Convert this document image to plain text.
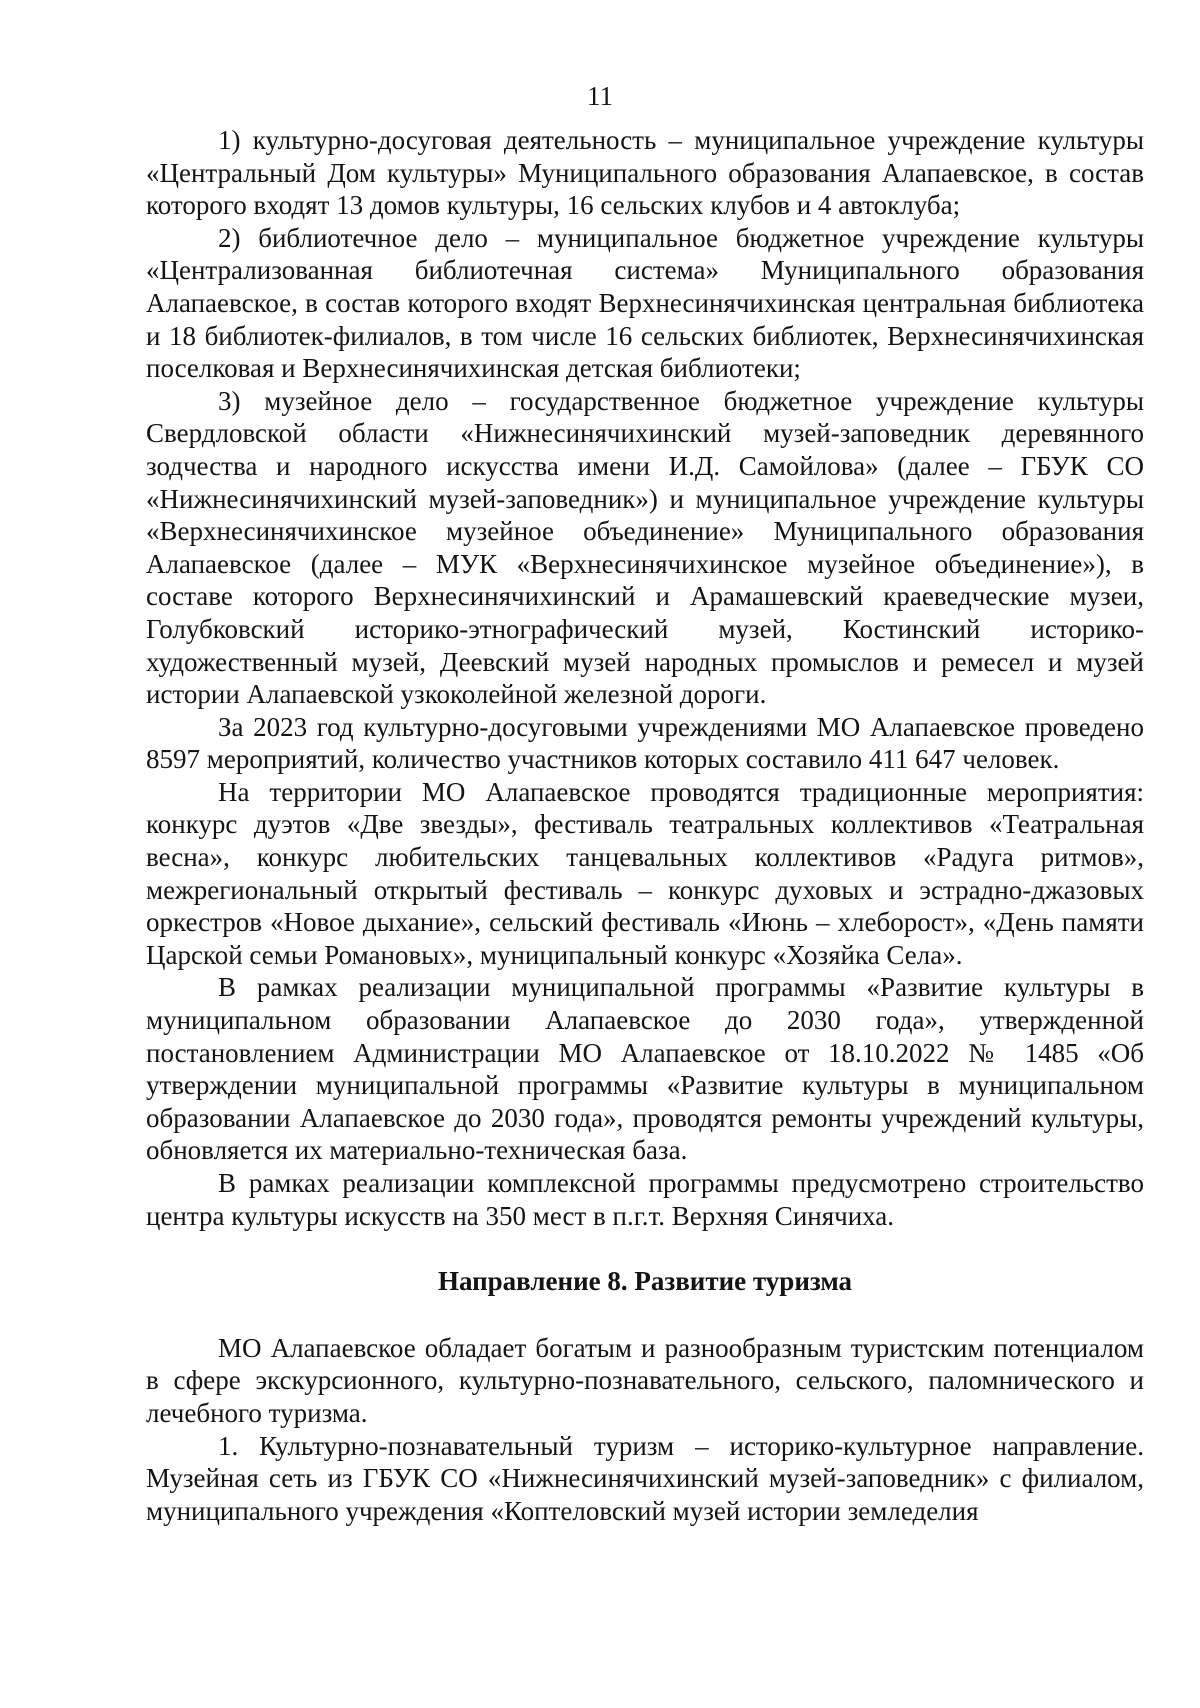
11

1) культурно-досуговая деятельность – муниципальное учреждение культуры «Центральный Дом культуры» Муниципального образования Алапаевское, в состав которого входят 13 домов культуры, 16 сельских клубов и 4 автоклуба;

2) библиотечное дело – муниципальное бюджетное учреждение культуры «Централизованная библиотечная система» Муниципального образования Алапаевское, в состав которого входят Верхнесинячихинская центральная библиотека и 18 библиотек-филиалов, в том числе 16 сельских библиотек, Верхнесинячихинская поселковая и Верхнесинячихинская детская библиотеки;

3) музейное дело – государственное бюджетное учреждение культуры Свердловской области «Нижнесинячихинский музей-заповедник деревянного зодчества и народного искусства имени И.Д. Самойлова» (далее – ГБУК СО «Нижнесинячихинский музей-заповедник») и муниципальное учреждение культуры «Верхнесинячихинское музейное объединение» Муниципального образования Алапаевское (далее – МУК «Верхнесинячихинское музейное объединение»), в составе которого Верхнесинячихинский и Арамашевский краеведческие музеи, Голубковский историко-этнографический музей, Костинский историко-художественный музей, Деевский музей народных промыслов и ремесел и музей истории Алапаевской узкоколейной железной дороги.

За 2023 год культурно-досуговыми учреждениями МО Алапаевское проведено 8597 мероприятий, количество участников которых составило 411 647 человек.

На территории МО Алапаевское проводятся традиционные мероприятия: конкурс дуэтов «Две звезды», фестиваль театральных коллективов «Театральная весна», конкурс любительских танцевальных коллективов «Радуга ритмов», межрегиональный открытый фестиваль – конкурс духовых и эстрадно-джазовых оркестров «Новое дыхание», сельский фестиваль «Июнь – хлебороcт», «День памяти Царской семьи Романовых», муниципальный конкурс «Хозяйка Села».

В рамках реализации муниципальной программы «Развитие культуры в муниципальном образовании Алапаевское до 2030 года», утвержденной постановлением Администрации МО Алапаевское от 18.10.2022 № 1485 «Об утверждении муниципальной программы «Развитие культуры в муниципальном образовании Алапаевское до 2030 года», проводятся ремонты учреждений культуры, обновляется их материально-техническая база.

В рамках реализации комплексной программы предусмотрено строительство центра культуры искусств на 350 мест в п.г.т. Верхняя Синячиха.

Направление 8. Развитие туризма

МО Алапаевское обладает богатым и разнообразным туристским потенциалом в сфере экскурсионного, культурно-познавательного, сельского, паломнического и лечебного туризма.

1. Культурно-познавательный туризм – историко-культурное направление. Музейная сеть из ГБУК СО «Нижнесинячихинский музей-заповедник» с филиалом, муниципального учреждения «Коптеловский музей истории земледелия
